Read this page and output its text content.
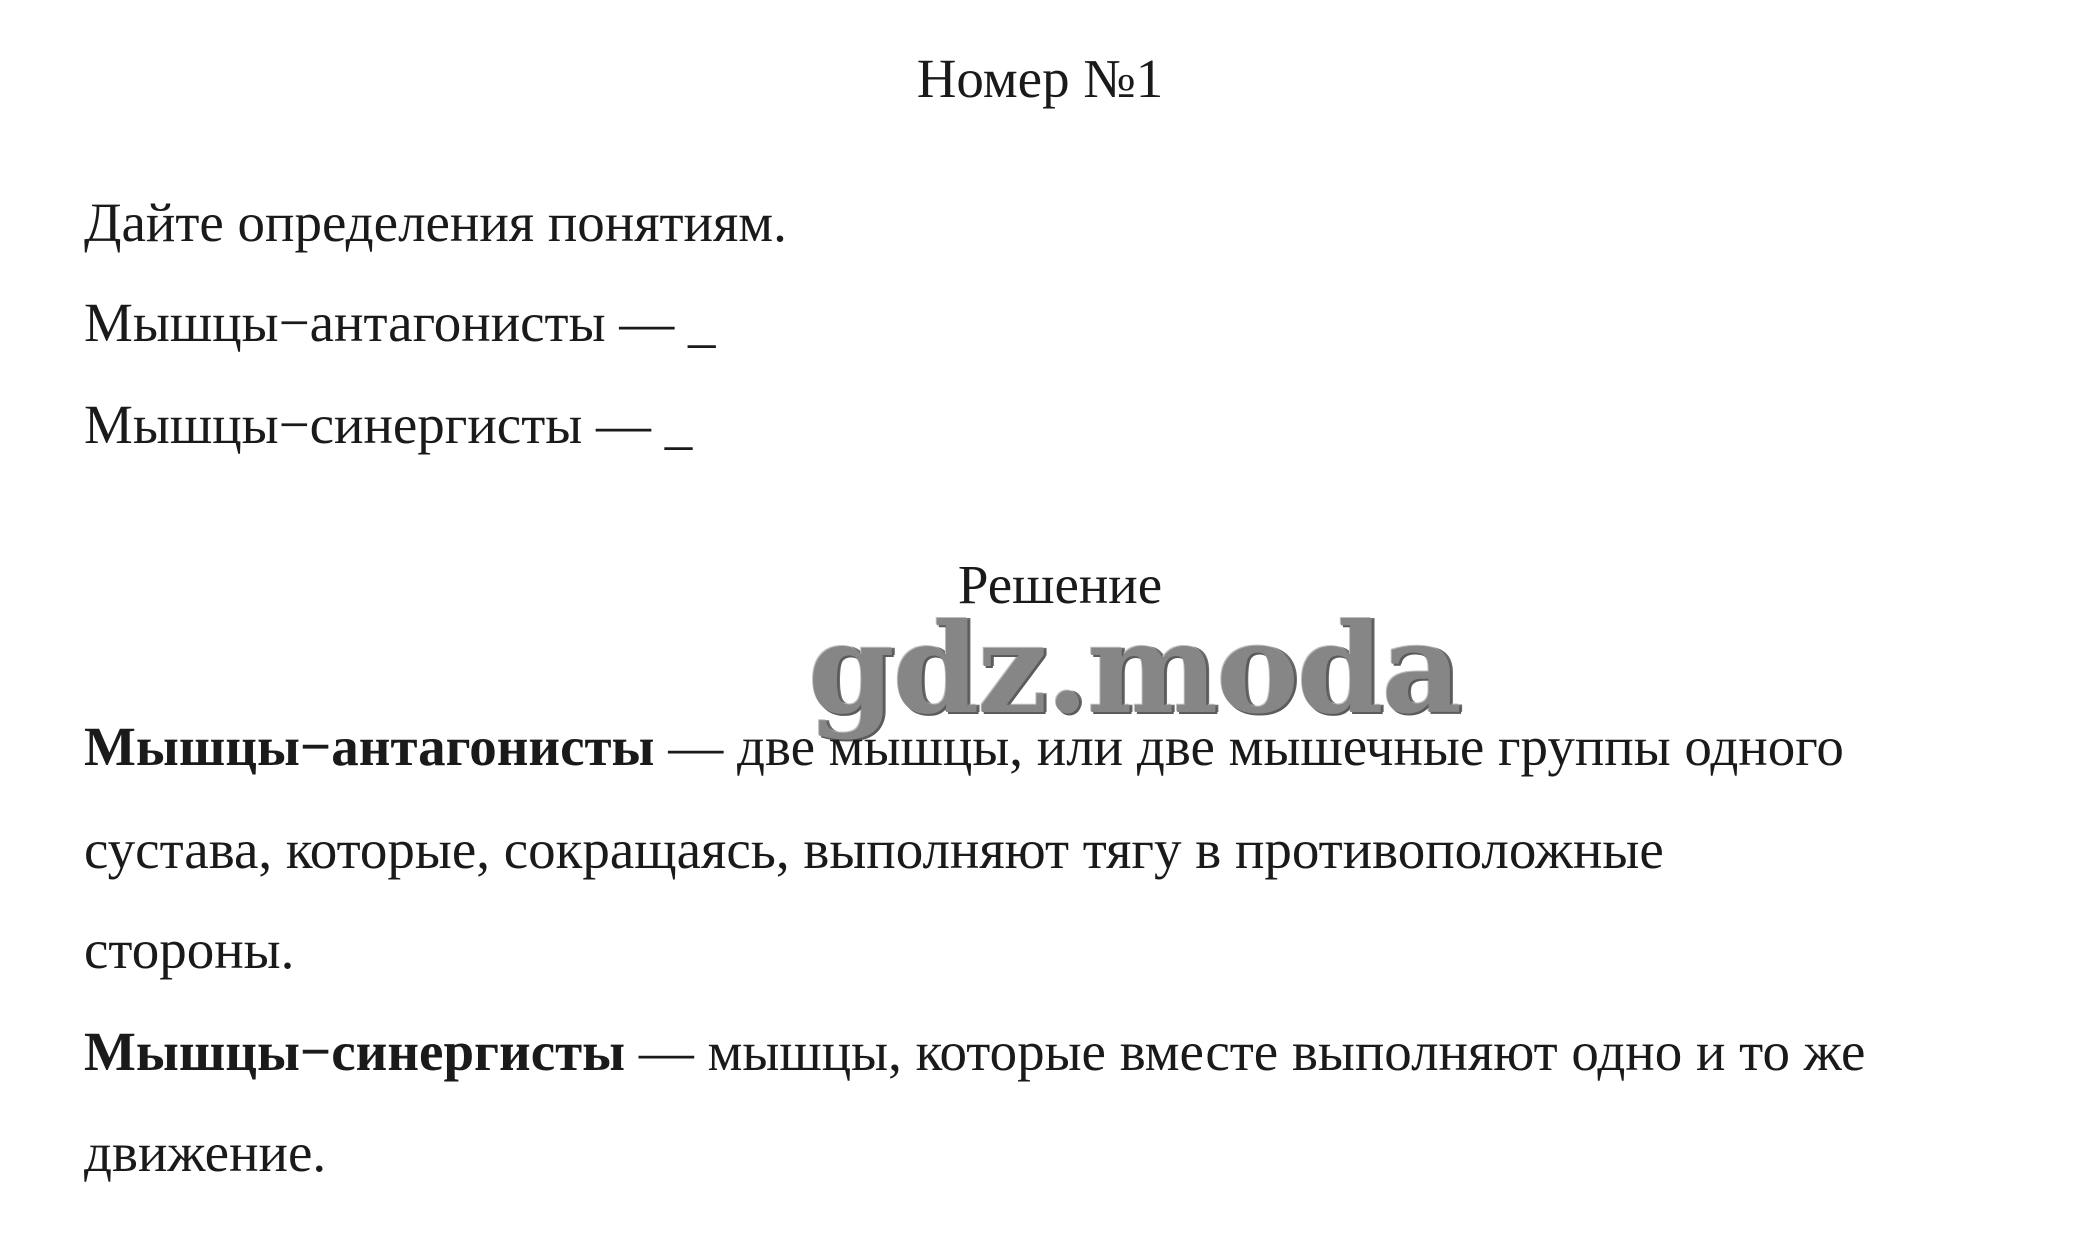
Номер №1
Дайте определения понятиям.
Мышцы−антагонисты — _
Мышцы−синергисты — _
Решение
gdz.moda
Мышцы−антагонисты — две мышцы, или две мышечные группы одного
сустава, которые, сокращаясь, выполняют тягу в противоположные
стороны.
Мышцы−синергисты — мышцы, которые вместе выполняют одно и то же
движение.
